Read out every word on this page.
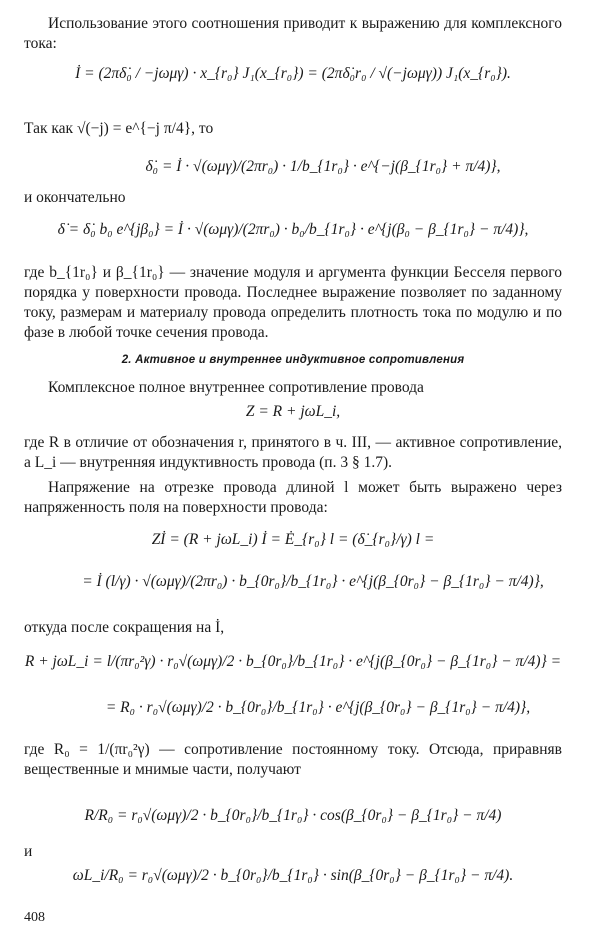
Использование этого соотношения приводит к выражению для комплексного тока:

İ = (2πδ̇₀ / −jωμγ) · x_{r₀} J₁(x_{r₀}) = (2πδ̇₀r₀ / √(−jωμγ)) J₁(x_{r₀}).

Так как √(−j) = e^{−j π/4}, то

δ̇₀ = İ · √(ωμγ)/(2πr₀) · 1/b_{1r₀} · e^{−j(β_{1r₀} + π/4)},

и окончательно

δ̇ = δ̇₀ b₀ e^{jβ₀} = İ · √(ωμγ)/(2πr₀) · b₀/b_{1r₀} · e^{j(β₀ − β_{1r₀} − π/4)},

где b_{1r₀} и β_{1r₀} — значение модуля и аргумента функции Бесселя первого порядка у поверхности провода. Последнее выражение позволяет по заданному току, размерам и материалу провода определить плотность тока по модулю и по фазе в любой точке сечения провода.

2. Активное и внутреннее индуктивное сопротивления

Комплексное полное внутреннее сопротивление провода

Z = R + jωL_i,

где R в отличие от обозначения r, принятого в ч. III, — активное сопротивление, а L_i — внутренняя индуктивность провода (п. 3 § 1.7).

Напряжение на отрезке провода длиной l может быть выражено через напряженность поля на поверхности провода:

Zİ = (R + jωL_i) İ = Ė_{r₀} l = (δ̇_{r₀}/γ) l =
= İ (l/γ) · √(ωμγ)/(2πr₀) · b_{0r₀}/b_{1r₀} · e^{j(β_{0r₀} − β_{1r₀} − π/4)},

откуда после сокращения на İ,

R + jωL_i = l/(πr₀²γ) · r₀√(ωμγ)/2 · b_{0r₀}/b_{1r₀} · e^{j(β_{0r₀} − β_{1r₀} − π/4)} =
= R₀ · r₀√(ωμγ)/2 · b_{0r₀}/b_{1r₀} · e^{j(β_{0r₀} − β_{1r₀} − π/4)},

где R₀ = 1/(πr₀²γ) — сопротивление постоянному току. Отсюда, приравняв вещественные и мнимые части, получают

R/R₀ = r₀√(ωμγ)/2 · b_{0r₀}/b_{1r₀} · cos(β_{0r₀} − β_{1r₀} − π/4)

и

ωL_i/R₀ = r₀√(ωμγ)/2 · b_{0r₀}/b_{1r₀} · sin(β_{0r₀} − β_{1r₀} − π/4).
408
